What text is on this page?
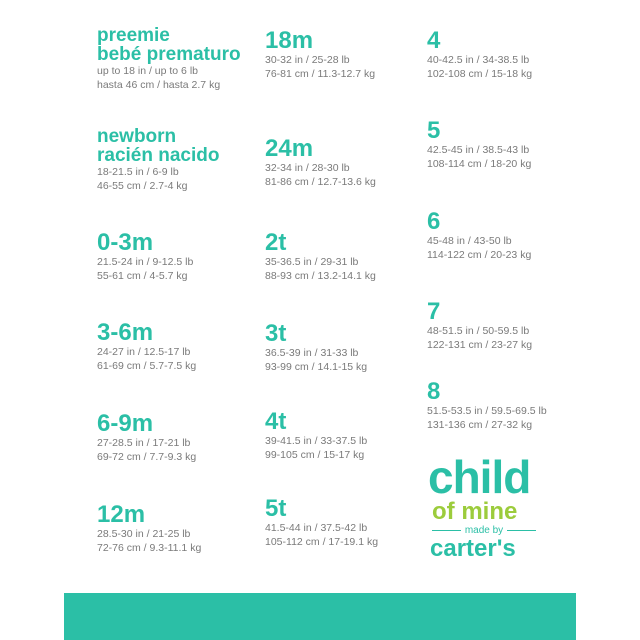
preemie
bebé prematuro
up to 18 in / up to 6 lb
hasta 46 cm / hasta 2.7 kg
newborn
racién nacido
18-21.5 in / 6-9 lb
46-55 cm / 2.7-4 kg
0-3m
21.5-24 in / 9-12.5 lb
55-61 cm / 4-5.7 kg
3-6m
24-27 in / 12.5-17 lb
61-69 cm / 5.7-7.5 kg
6-9m
27-28.5 in / 17-21 lb
69-72 cm / 7.7-9.3 kg
12m
28.5-30 in / 21-25 lb
72-76 cm / 9.3-11.1 kg
18m
30-32 in / 25-28 lb
76-81 cm / 11.3-12.7 kg
24m
32-34 in / 28-30 lb
81-86 cm / 12.7-13.6 kg
2t
35-36.5 in / 29-31 lb
88-93 cm / 13.2-14.1 kg
3t
36.5-39 in / 31-33 lb
93-99 cm / 14.1-15 kg
4t
39-41.5 in / 33-37.5 lb
99-105 cm / 15-17 kg
5t
41.5-44 in / 37.5-42 lb
105-112 cm / 17-19.1 kg
4
40-42.5 in / 34-38.5 lb
102-108 cm / 15-18 kg
5
42.5-45 in / 38.5-43 lb
108-114 cm / 18-20 kg
6
45-48 in / 43-50 lb
114-122 cm / 20-23 kg
7
48-51.5 in / 50-59.5 lb
122-131 cm / 23-27 kg
8
51.5-53.5 in / 59.5-69.5 lb
131-136 cm / 27-32 kg
child
of mine
made by
carter's
